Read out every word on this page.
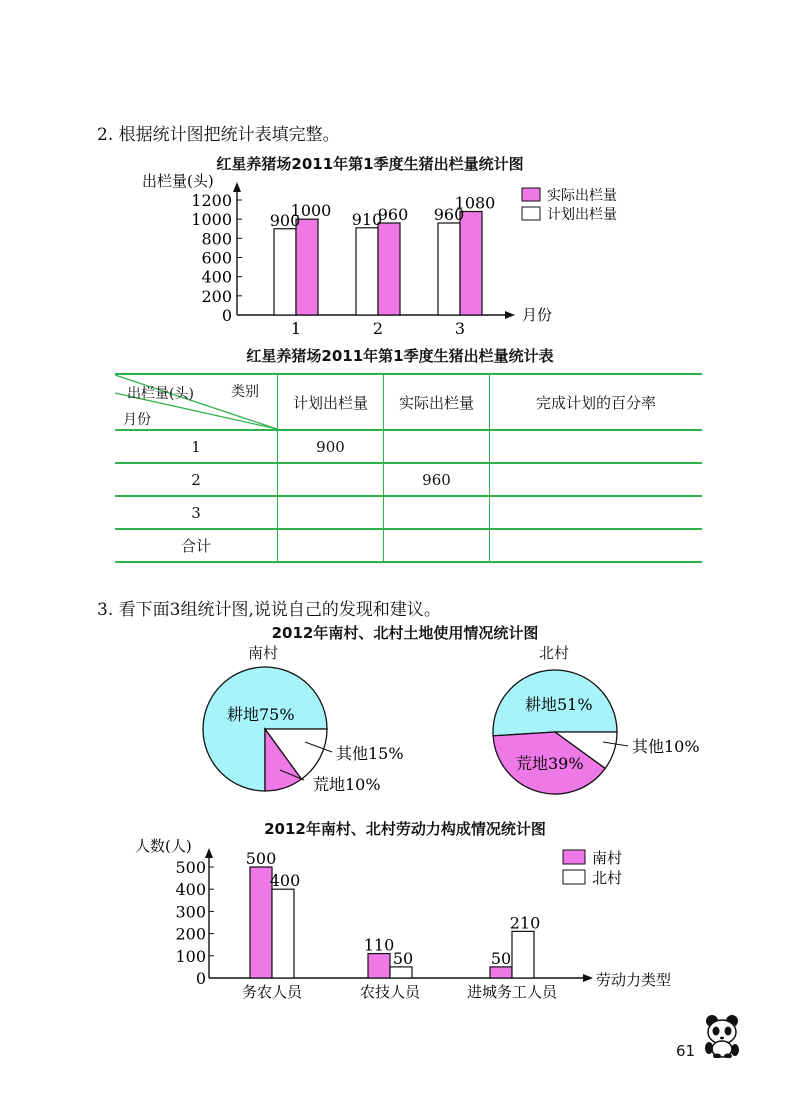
2. 根据统计图把统计表填完整。
红星养猪场2011年第1季度生猪出栏量统计图
出栏量(头)
月份
0
200
400
600
800
1000
1200
900
1000
1
910
960
2
960
1080
3
实际出栏量
计划出栏量
红星养猪场2011年第1季度生猪出栏量统计表
类别
出栏量(头)
月份	计划出栏量	实际出栏量	完成计划的百分率
1	900		
2		960	
3			
合计			
3. 看下面3组统计图,说说自己的发现和建议。
2012年南村、北村土地使用情况统计图
南村	北村
耕地75%
其他15%
荒地10%
耕地51%
其他10%
荒地39%
2012年南村、北村劳动力构成情况统计图
人数(人)
劳动力类型
0
100
200
300
400
500 500
400
务农人员
110
50
农技人员
50
210
进城务工人员
南村
北村
61
